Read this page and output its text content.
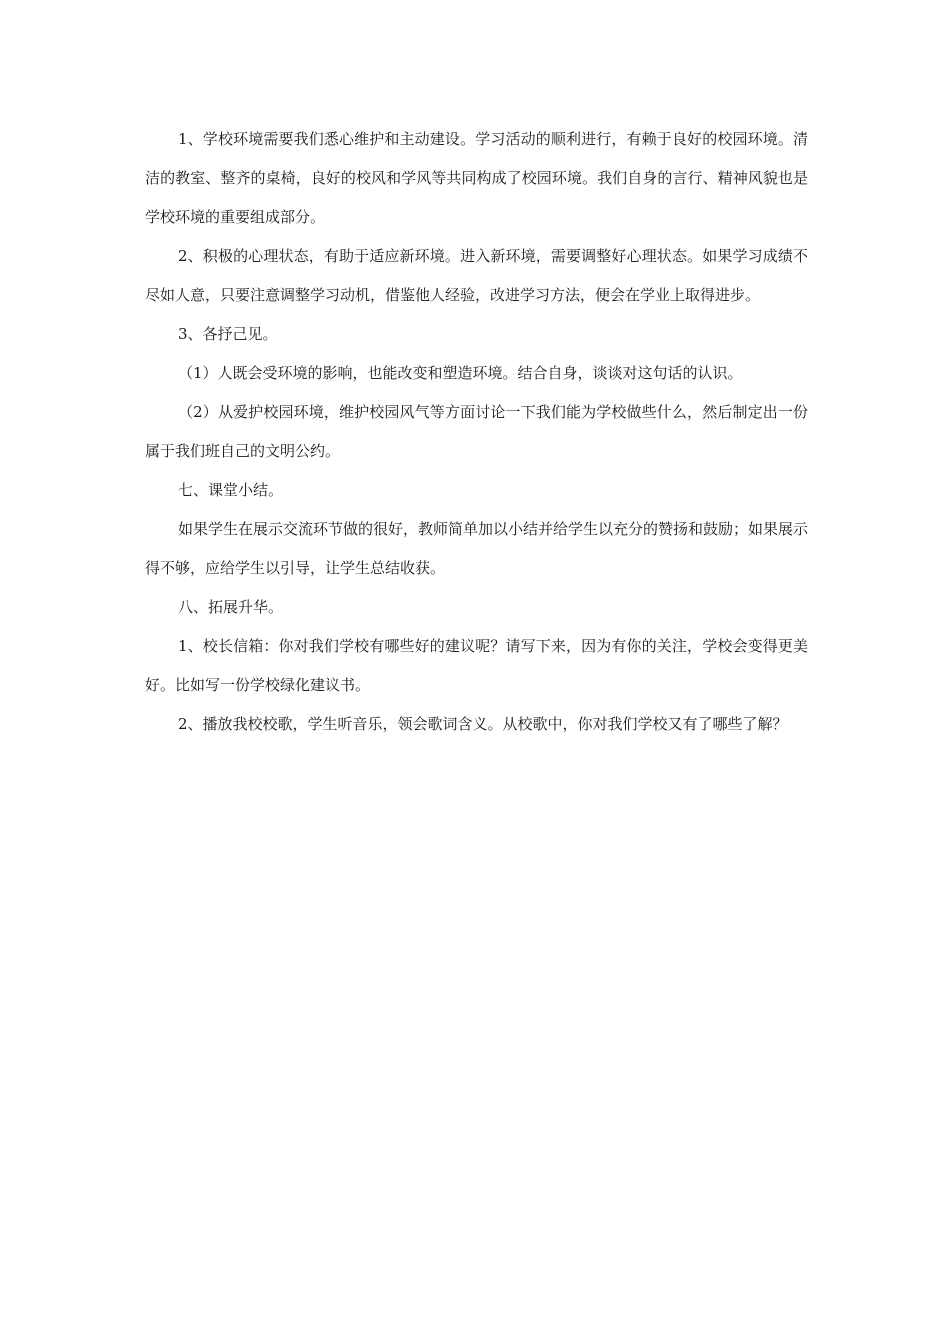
1、学校环境需要我们悉心维护和主动建设。学习活动的顺利进行，有赖于良好的校园环境。清洁的教室、整齐的桌椅，良好的校风和学风等共同构成了校园环境。我们自身的言行、精神风貌也是学校环境的重要组成部分。

2、积极的心理状态，有助于适应新环境。进入新环境，需要调整好心理状态。如果学习成绩不尽如人意，只要注意调整学习动机，借鉴他人经验，改进学习方法，便会在学业上取得进步。

3、各抒己见。

（1）人既会受环境的影响，也能改变和塑造环境。结合自身，谈谈对这句话的认识。

（2）从爱护校园环境，维护校园风气等方面讨论一下我们能为学校做些什么，然后制定出一份属于我们班自己的文明公约。

七、课堂小结。

如果学生在展示交流环节做的很好，教师简单加以小结并给学生以充分的赞扬和鼓励；如果展示得不够，应给学生以引导，让学生总结收获。

八、拓展升华。

1、校长信箱：你对我们学校有哪些好的建议呢？请写下来，因为有你的关注，学校会变得更美好。比如写一份学校绿化建议书。

2、播放我校校歌，学生听音乐，领会歌词含义。从校歌中，你对我们学校又有了哪些了解？
